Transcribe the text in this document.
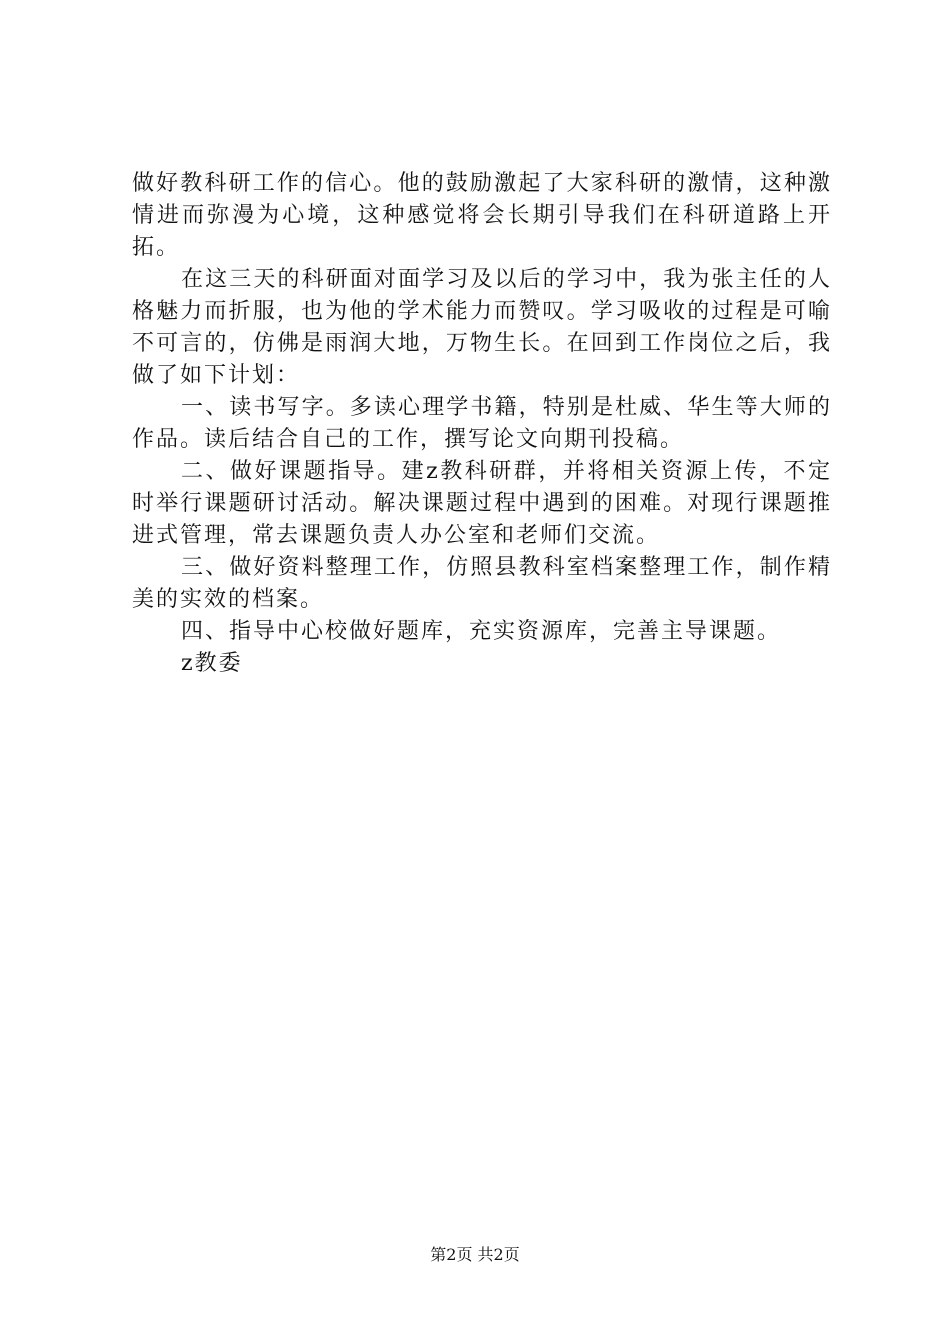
做好教科研工作的信心。他的鼓励激起了大家科研的激情，这种激情进而弥漫为心境，这种感觉将会长期引导我们在科研道路上开拓。

在这三天的科研面对面学习及以后的学习中，我为张主任的人格魅力而折服，也为他的学术能力而赞叹。学习吸收的过程是可喻不可言的，仿佛是雨润大地，万物生长。在回到工作岗位之后，我做了如下计划：

一、读书写字。多读心理学书籍，特别是杜威、华生等大师的作品。读后结合自己的工作，撰写论文向期刊投稿。

二、做好课题指导。建z教科研群，并将相关资源上传，不定时举行课题研讨活动。解决课题过程中遇到的困难。对现行课题推进式管理，常去课题负责人办公室和老师们交流。

三、做好资料整理工作，仿照县教科室档案整理工作，制作精美的实效的档案。

四、指导中心校做好题库，充实资源库，完善主导课题。

z教委

第2页 共2页
